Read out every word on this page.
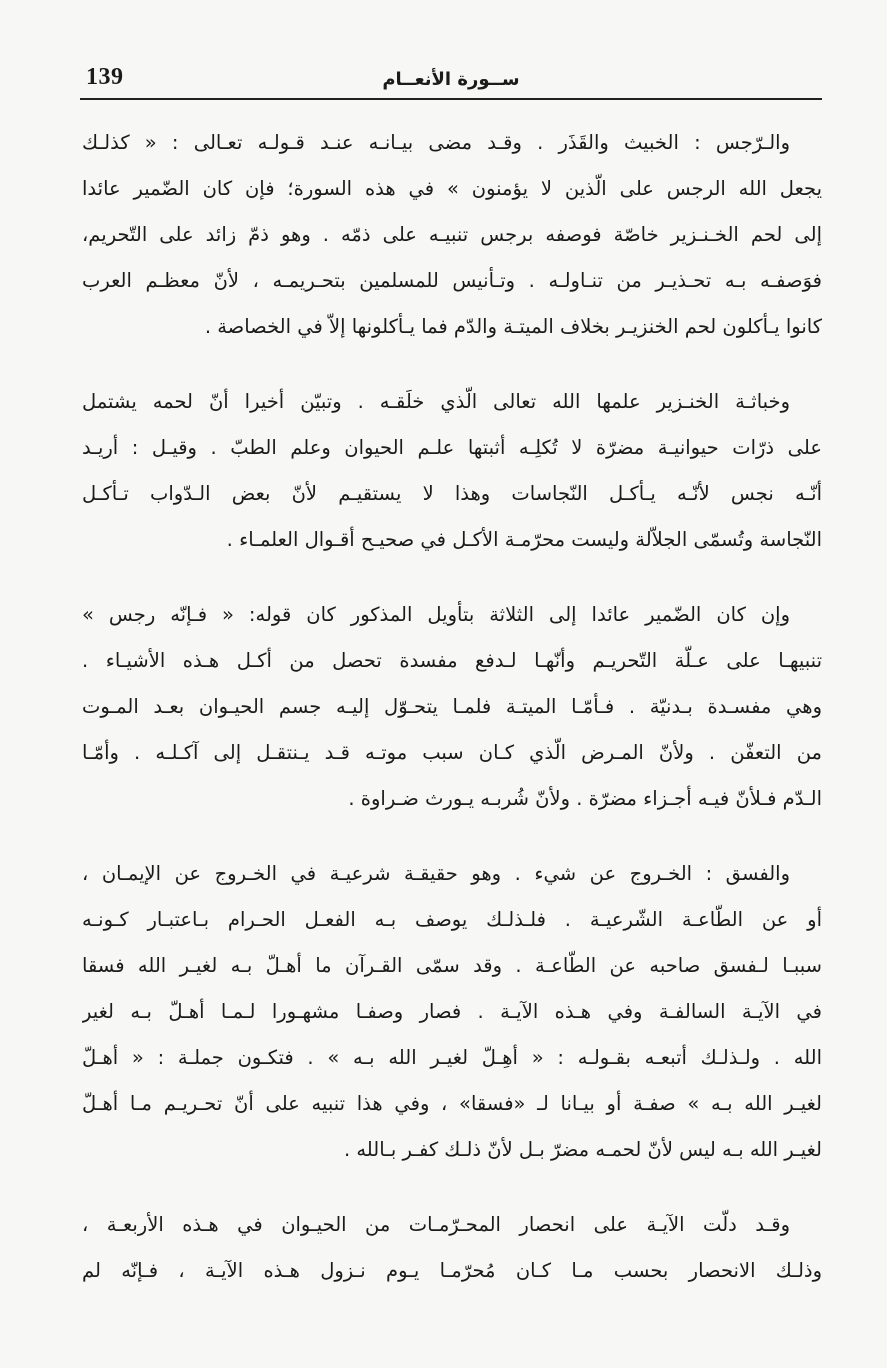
139	ســورة الأنعــام
والـرّجس : الخبيث والقَذَر . وقـد مضى بيـانـه عنـد قـولـه تعـالى : « كذلـك
يجعل الله الرجس على الّذين لا يؤمنون » في هذه السورة؛ فإن كان الضّمير عائدا
إلى لحم الخـنـزير خاصّة فوصفه برجس تنبيـه على ذمّه . وهو ذمّ زائد على التّحريم،
فوَصفـه بـه تحـذيـر من تنـاولـه . وتـأنيس للمسلمين بتحـريمـه ، لأنّ معظـم العرب
كانوا يـأكلون لحم الخنزيـر بخلاف الميتـة والدّم فما يـأكلونها إلاّ في الخصاصة .
وخباثـة الخنـزير علمها الله تعالى الّذي خلَقـه . وتبيّن أخيرا أنّ لحمه يشتمل
على ذرّات حيوانيـة مضرّة لا تُكلِـه أثبتها علـم الحيوان وعلم الطبّ . وقيـل : أريـد
أنّـه نجس لأنّـه يـأكـل النّجاسات وهذا لا يستقيـم لأنّ بعض الـدّواب تـأكـل
النّجاسة وتُسمّى الجلاّلة وليست محرّمـة الأكـل في صحيـح أقـوال العلمـاء .
وإن كان الضّمير عائدا إلى الثلاثة بتأويل المذكور كان قوله: « فـإنّه رجس »
تنبيهـا على عـلّة التّحريـم وأنّهـا لـدفع مفسدة تحصل من أكـل هـذه الأشيـاء .
وهي مفسـدة بـدنيّة . فـأمّـا الميتـة فلمـا يتحـوّل إليـه جسم الحيـوان بعـد المـوت
من التعفّن . ولأنّ المـرض الّذي كـان سبب موتـه قـد يـنتقـل إلى آكـلـه . وأمّـا
الـدّم فـلأنّ فيـه أجـزاء مضرّة . ولأنّ شُربـه يـورث ضـراوة .
والفسق : الخـروج عن شيء . وهو حقيقـة شرعيـة في الخـروج عن الإيمـان ،
أو عن الطّاعـة الشّرعيـة . فلـذلـك يوصف بـه الفعـل الحـرام بـاعتبـار كـونـه
سببـا لـفسق صاحبه عن الطّاعـة . وقد سمّى القـرآن ما أهـلّ بـه لغيـر الله فسقا
في الآيـة السالفـة وفي هـذه الآيـة . فصار وصفـا مشهـورا لـمـا أهـلّ بـه لغير
الله . ولـذلـك أتبعـه بقـولـه : « أهِـلّ لغيـر الله بـه » . فتكـون جملـة : « أهـلّ
لغيـر الله بـه » صفـة أو بيـانا لـ «فسقا» ، وفي هذا تنبيه على أنّ تحـريـم مـا أهـلّ
لغيـر الله بـه ليس لأنّ لحمـه مضرّ بـل لأنّ ذلـك كفـر بـالله .
وقـد دلّت الآيـة على انحصار المحـرّمـات من الحيـوان في هـذه الأربعـة ،
وذلـك الانحصار بحسب مـا كـان مُحرّمـا يـوم نـزول هـذه الآيـة ، فـإنّه لم
